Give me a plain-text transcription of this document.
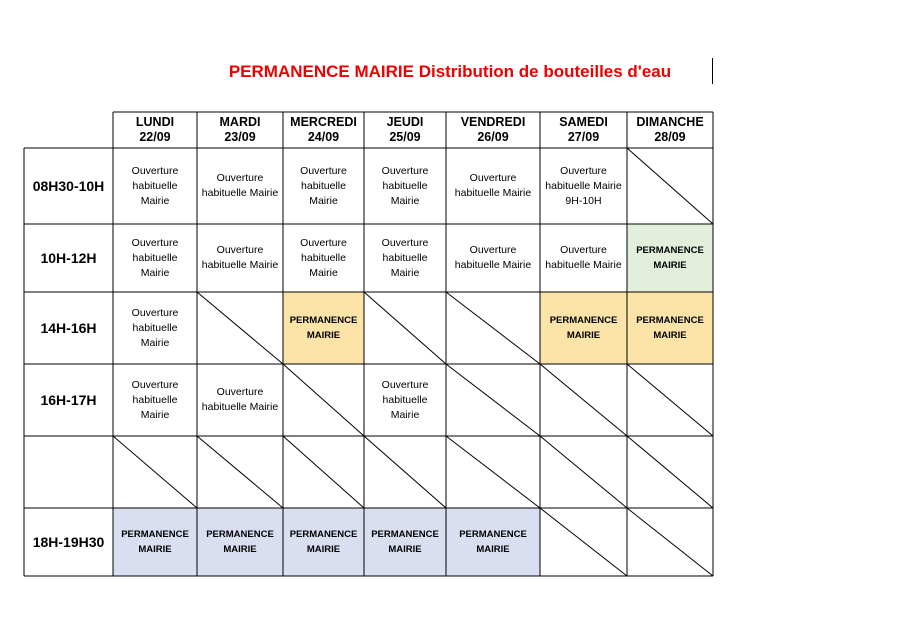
PERMANENCE MAIRIE Distribution de bouteilles d'eau
LUNDI
22/09
MARDI
23/09
MERCREDI
24/09
JEUDI
25/09
VENDREDI
26/09
SAMEDI
27/09
DIMANCHE
28/09
08H30-10H
Ouverture
habituelle
Mairie
Ouverture
habituelle Mairie
Ouverture
habituelle
Mairie
Ouverture
habituelle
Mairie
Ouverture
habituelle Mairie
Ouverture
habituelle Mairie
9H-10H
10H-12H
Ouverture
habituelle
Mairie
Ouverture
habituelle Mairie
Ouverture
habituelle
Mairie
Ouverture
habituelle
Mairie
Ouverture
habituelle Mairie
Ouverture
habituelle Mairie
PERMANENCE
MAIRIE
14H-16H
Ouverture
habituelle
Mairie
PERMANENCE
MAIRIE
PERMANENCE
MAIRIE
PERMANENCE
MAIRIE
16H-17H
Ouverture
habituelle
Mairie
Ouverture
habituelle Mairie
Ouverture
habituelle
Mairie
18H-19H30	PERMANENCE
MAIRIE
PERMANENCE
MAIRIE
PERMANENCE
MAIRIE
PERMANENCE
MAIRIE
PERMANENCE
MAIRIE
